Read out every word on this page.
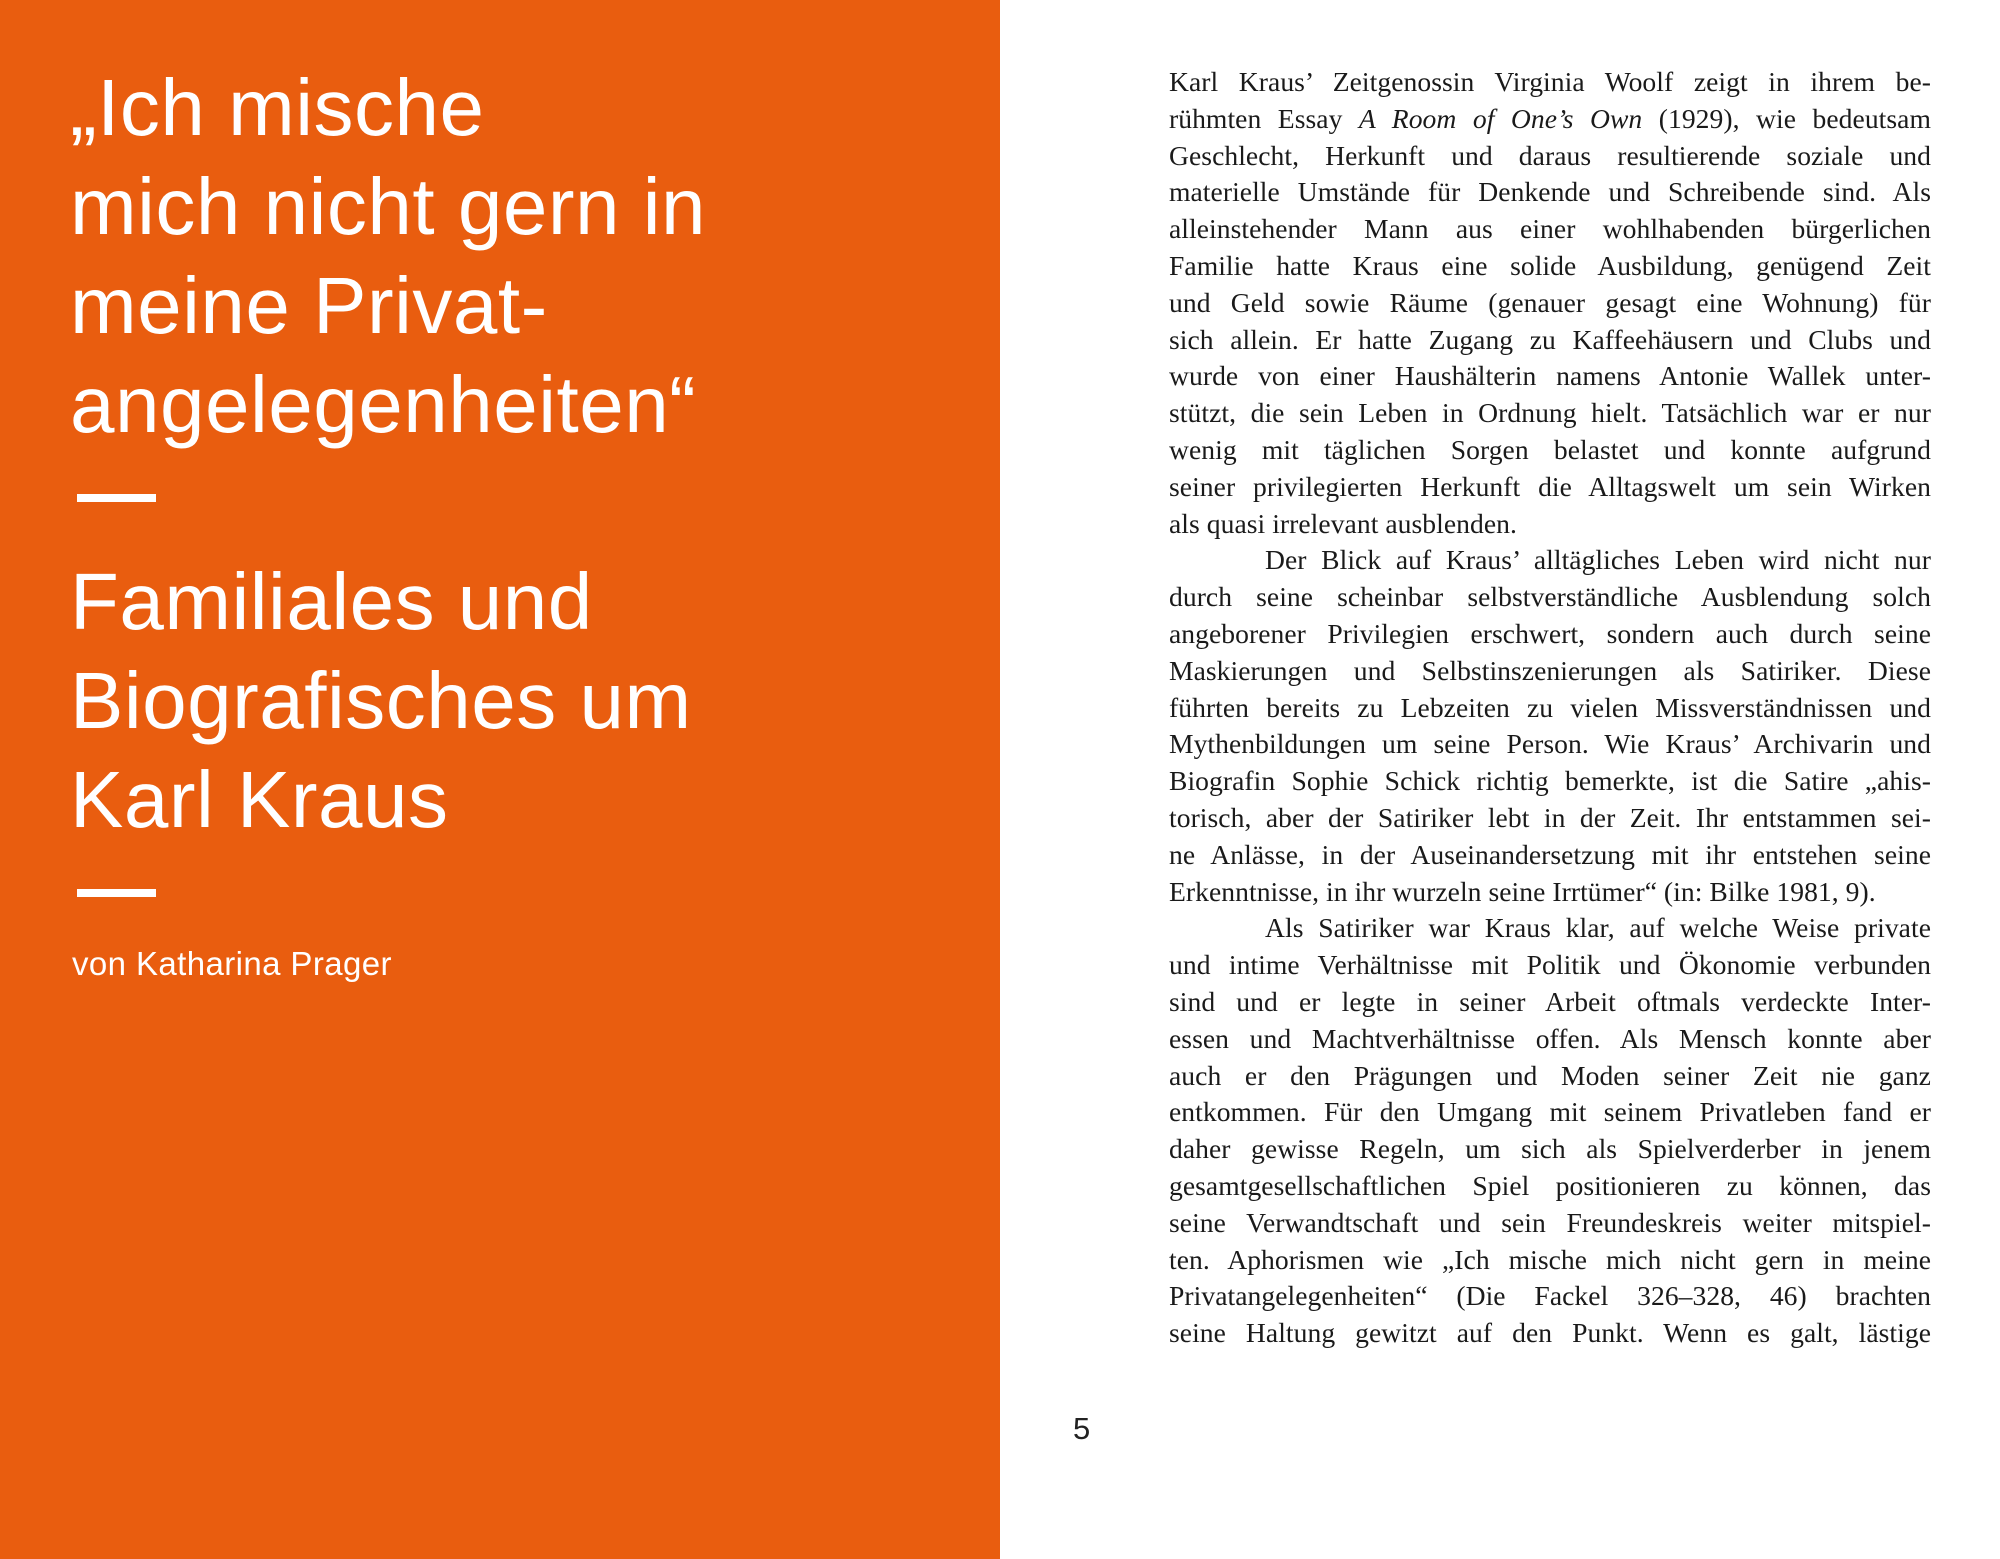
„Ich mische
mich nicht gern in
meine Privat-
angelegenheiten“
Familiales und
Biografisches um
Karl Kraus
von Katharina Prager
5
Karl Kraus’ Zeitgenossin Virginia Woolf zeigt in ihrem be-
rühmten Essay A Room of One’s Own (1929), wie bedeutsam
Geschlecht, Herkunft und daraus resultierende soziale und
materielle Umstände für Denkende und Schreibende sind. Als
alleinstehender Mann aus einer wohlhabenden bürgerlichen
Familie hatte Kraus eine solide Ausbildung, genügend Zeit
und Geld sowie Räume (genauer gesagt eine Wohnung) für
sich allein. Er hatte Zugang zu Kaffeehäusern und Clubs und
wurde von einer Haushälterin namens Antonie Wallek unter-
stützt, die sein Leben in Ordnung hielt. Tatsächlich war er nur
wenig mit täglichen Sorgen belastet und konnte aufgrund
seiner privilegierten Herkunft die Alltagswelt um sein Wirken
als quasi irrelevant ausblenden.
Der Blick auf Kraus’ alltägliches Leben wird nicht nur
durch seine scheinbar selbstverständliche Ausblendung solch
angeborener Privilegien erschwert, sondern auch durch seine
Maskierungen und Selbstinszenierungen als Satiriker. Diese
führten bereits zu Lebzeiten zu vielen Missverständnissen und
Mythenbildungen um seine Person. Wie Kraus’ Archivarin und
Biografin Sophie Schick richtig bemerkte, ist die Satire „ahis-
torisch, aber der Satiriker lebt in der Zeit. Ihr entstammen sei-
ne Anlässe, in der Auseinandersetzung mit ihr entstehen seine
Erkenntnisse, in ihr wurzeln seine Irrtümer“ (in: Bilke 1981, 9).
Als Satiriker war Kraus klar, auf welche Weise private
und intime Verhältnisse mit Politik und Ökonomie verbunden
sind und er legte in seiner Arbeit oftmals verdeckte Inter-
essen und Machtverhältnisse offen. Als Mensch konnte aber
auch er den Prägungen und Moden seiner Zeit nie ganz
entkommen. Für den Umgang mit seinem Privatleben fand er
daher gewisse Regeln, um sich als Spielverderber in jenem
gesamtgesellschaftlichen Spiel positionieren zu können, das
seine Verwandtschaft und sein Freundeskreis weiter mitspiel-
ten. Aphorismen wie „Ich mische mich nicht gern in meine
Privatangelegenheiten“ (Die Fackel 326–328, 46) brachten
seine Haltung gewitzt auf den Punkt. Wenn es galt, lästige
